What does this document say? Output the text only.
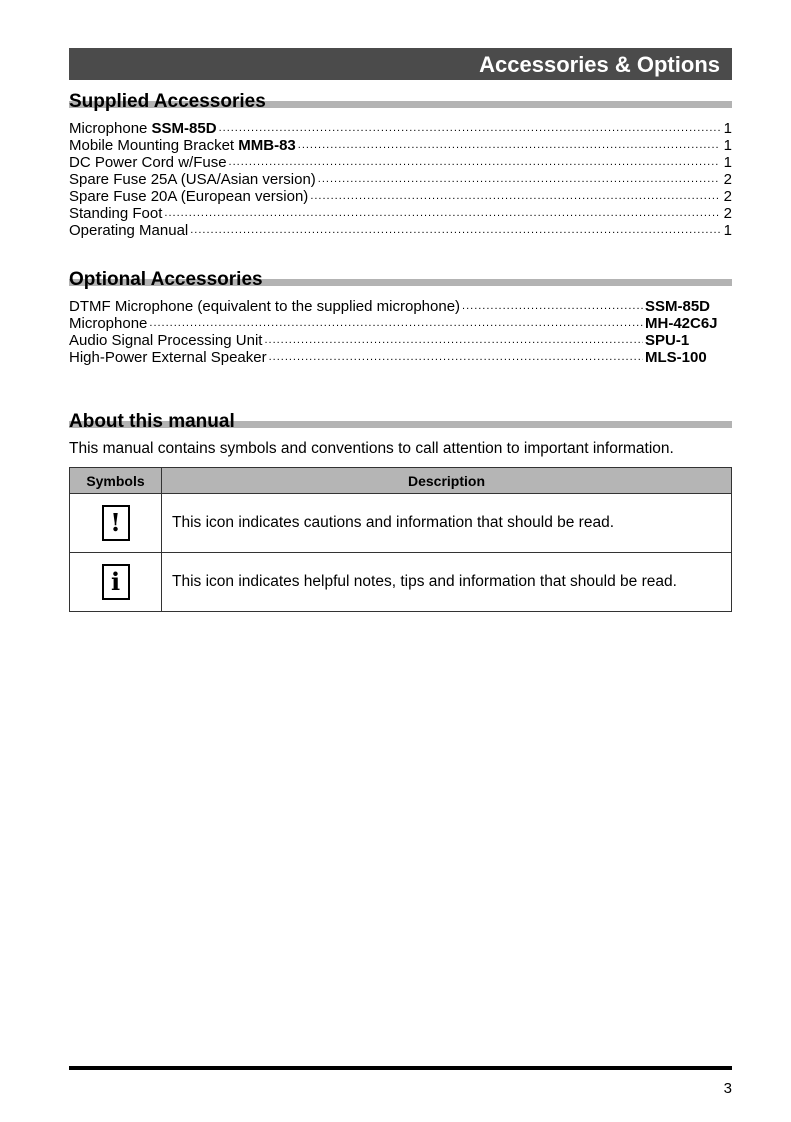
Accessories & Options
Supplied Accessories
Microphone SSM-85D .....	1
Mobile Mounting Bracket MMB-83 .....	1
DC Power Cord w/Fuse .....	1
Spare Fuse 25A (USA/Asian version) .....	2
Spare Fuse 20A (European version) .....	2
Standing Foot .....	2
Operating Manual .....	1
Optional Accessories
DTMF Microphone (equivalent to the supplied microphone) .....	SSM-85D
Microphone .....	MH-42C6J
Audio Signal Processing Unit .....	SPU-1
High-Power External Speaker .....	MLS-100
About this manual
This manual contains symbols and conventions to call attention to important information.
Symbols	Description
!	This icon indicates cautions and information that should be read.
i	This icon indicates helpful notes, tips and information that should be read.
3
